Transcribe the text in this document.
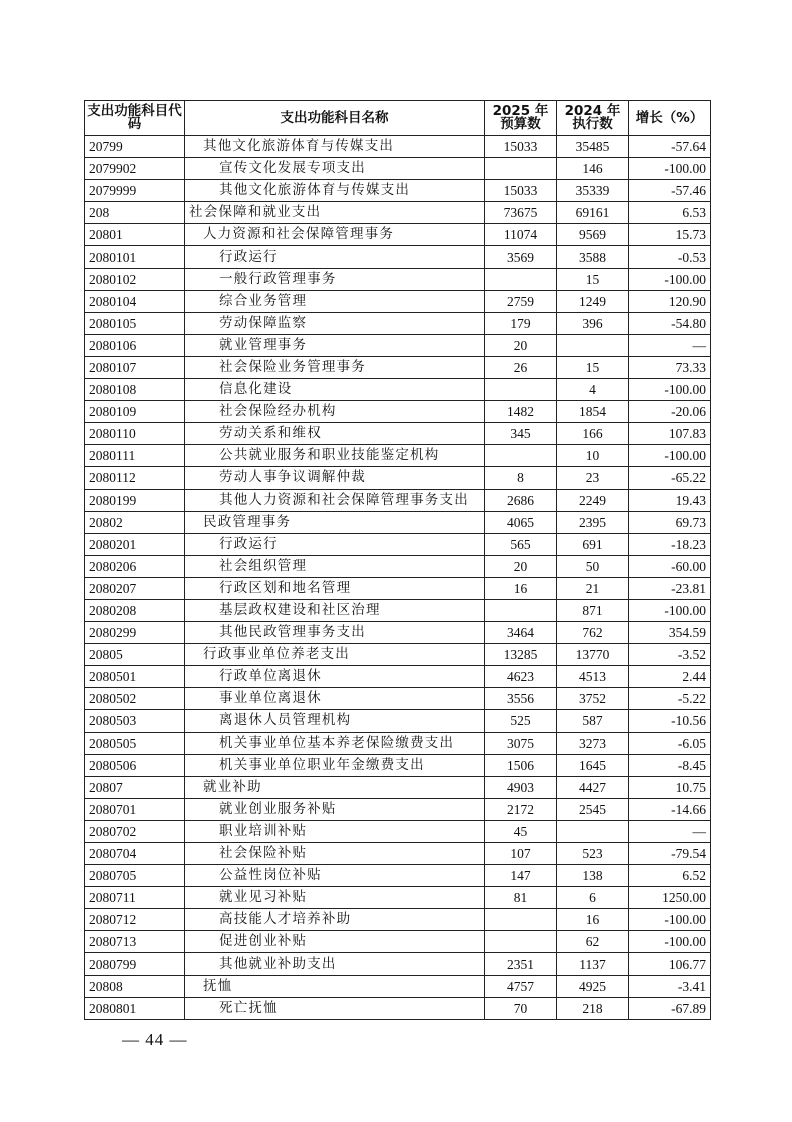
支出功能科目代码	支出功能科目名称	2025 年预算数	2024 年执行数	增长（%）
20799	其他文化旅游体育与传媒支出	15033	35485	-57.64
2079902	宣传文化发展专项支出		146	-100.00
2079999	其他文化旅游体育与传媒支出	15033	35339	-57.46
208	社会保障和就业支出	73675	69161	6.53
20801	人力资源和社会保障管理事务	11074	9569	15.73
2080101	行政运行	3569	3588	-0.53
2080102	一般行政管理事务		15	-100.00
2080104	综合业务管理	2759	1249	120.90
2080105	劳动保障监察	179	396	-54.80
2080106	就业管理事务	20		—
2080107	社会保险业务管理事务	26	15	73.33
2080108	信息化建设		4	-100.00
2080109	社会保险经办机构	1482	1854	-20.06
2080110	劳动关系和维权	345	166	107.83
2080111	公共就业服务和职业技能鉴定机构		10	-100.00
2080112	劳动人事争议调解仲裁	8	23	-65.22
2080199	其他人力资源和社会保障管理事务支出	2686	2249	19.43
20802	民政管理事务	4065	2395	69.73
2080201	行政运行	565	691	-18.23
2080206	社会组织管理	20	50	-60.00
2080207	行政区划和地名管理	16	21	-23.81
2080208	基层政权建设和社区治理		871	-100.00
2080299	其他民政管理事务支出	3464	762	354.59
20805	行政事业单位养老支出	13285	13770	-3.52
2080501	行政单位离退休	4623	4513	2.44
2080502	事业单位离退休	3556	3752	-5.22
2080503	离退休人员管理机构	525	587	-10.56
2080505	机关事业单位基本养老保险缴费支出	3075	3273	-6.05
2080506	机关事业单位职业年金缴费支出	1506	1645	-8.45
20807	就业补助	4903	4427	10.75
2080701	就业创业服务补贴	2172	2545	-14.66
2080702	职业培训补贴	45		—
2080704	社会保险补贴	107	523	-79.54
2080705	公益性岗位补贴	147	138	6.52
2080711	就业见习补贴	81	6	1250.00
2080712	高技能人才培养补助		16	-100.00
2080713	促进创业补贴		62	-100.00
2080799	其他就业补助支出	2351	1137	106.77
20808	抚恤	4757	4925	-3.41
2080801	死亡抚恤	70	218	-67.89
— 44 —
